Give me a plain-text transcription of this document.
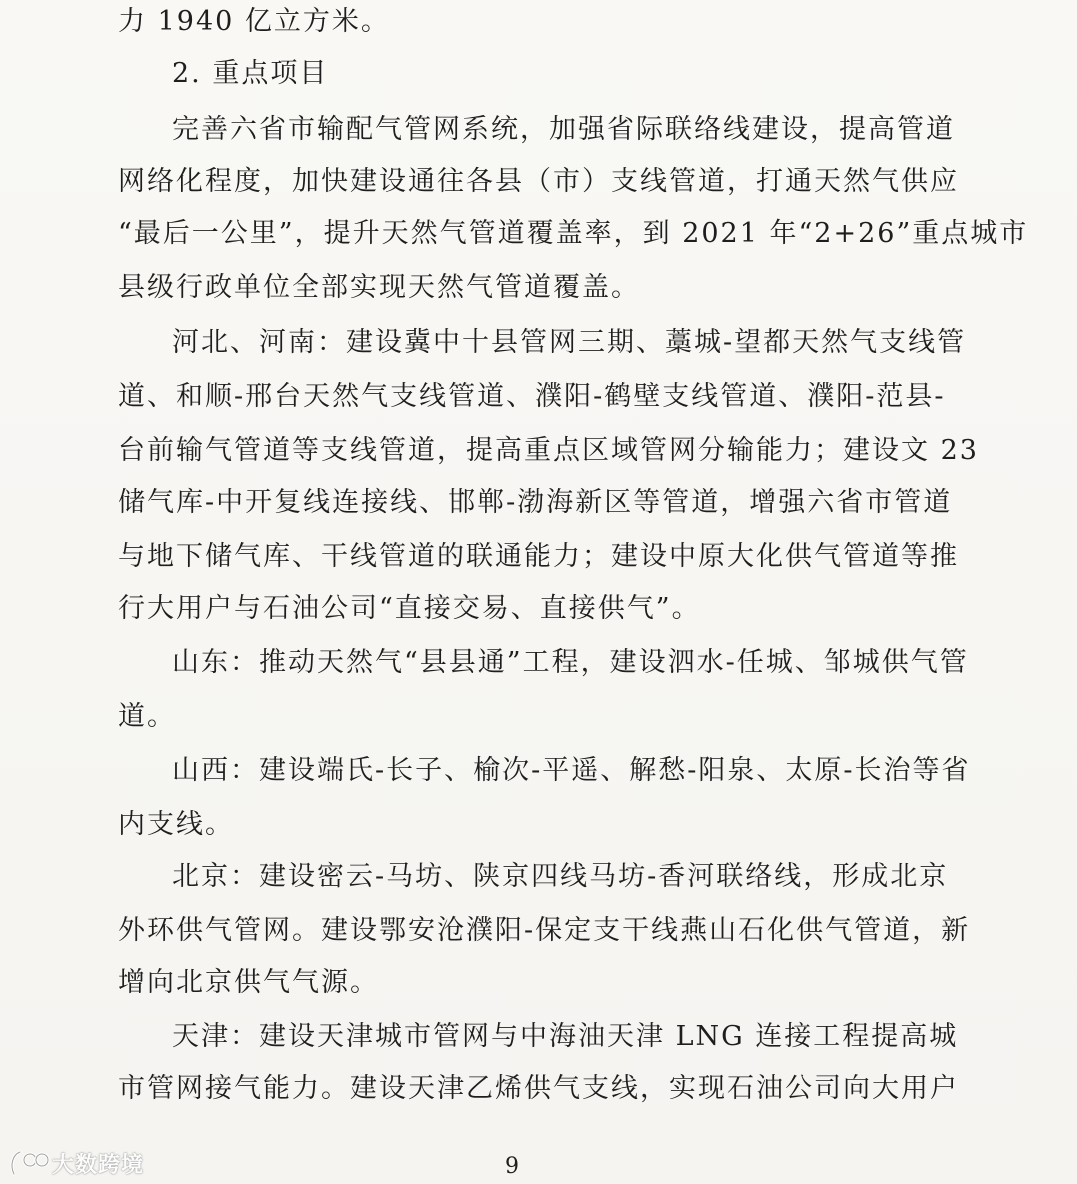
力 1940 亿立方米。
2. 重点项目
完善六省市输配气管网系统，加强省际联络线建设，提高管道
网络化程度，加快建设通往各县（市）支线管道，打通天然气供应
“最后一公里”，提升天然气管道覆盖率，到 2021 年“2+26”重点城市
县级行政单位全部实现天然气管道覆盖。
河北、河南：建设冀中十县管网三期、藁城-望都天然气支线管
道、和顺-邢台天然气支线管道、濮阳-鹤壁支线管道、濮阳-范县-
台前输气管道等支线管道，提高重点区域管网分输能力；建设文 23
储气库-中开复线连接线、邯郸-渤海新区等管道，增强六省市管道
与地下储气库、干线管道的联通能力；建设中原大化供气管道等推
行大用户与石油公司“直接交易、直接供气”。
山东：推动天然气“县县通”工程，建设泗水-任城、邹城供气管
道。
山西：建设端氏-长子、榆次-平遥、解愁-阳泉、太原-长治等省
内支线。
北京：建设密云-马坊、陕京四线马坊-香河联络线，形成北京
外环供气管网。建设鄂安沧濮阳-保定支干线燕山石化供气管道，新
增向北京供气气源。
天津：建设天津城市管网与中海油天津 LNG 连接工程提高城
市管网接气能力。建设天津乙烯供气支线，实现石油公司向大用户
9
大数跨境
